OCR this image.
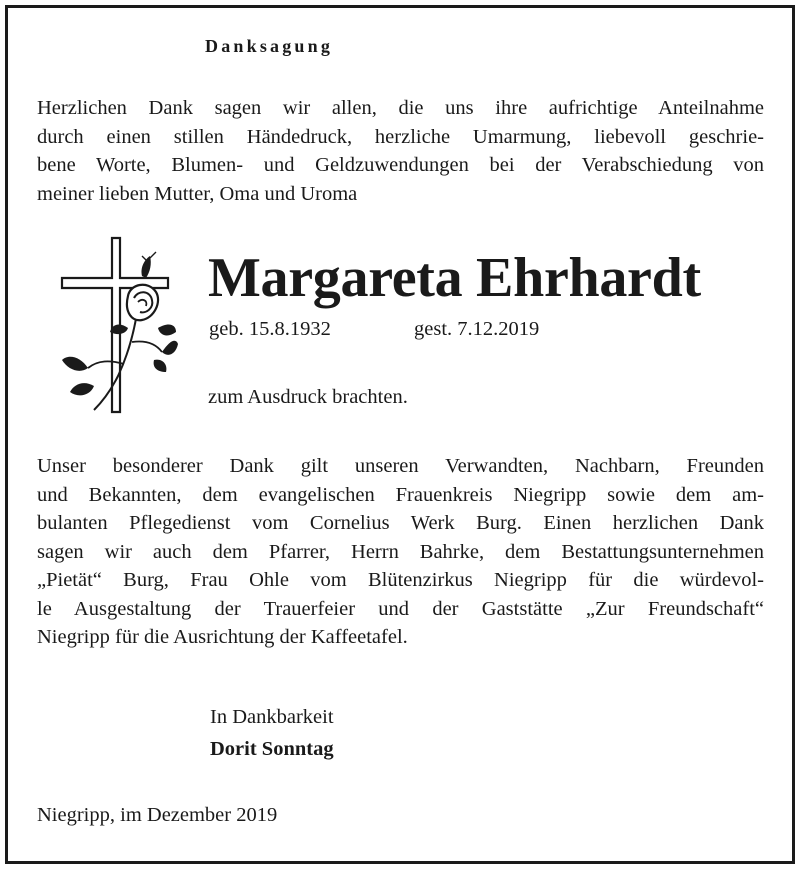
Danksagung
Herzlichen Dank sagen wir allen, die uns ihre aufrichtige Anteilnahme
durch einen stillen Händedruck, herzliche Umarmung, liebevoll geschrie-
bene Worte, Blumen- und Geldzuwendungen bei der Verabschiedung von
meiner lieben Mutter, Oma und Uroma
Margareta Ehrhardt
geb. 15.8.1932	gest. 7.12.2019
zum Ausdruck brachten.
Unser besonderer Dank gilt unseren Verwandten, Nachbarn, Freunden
und Bekannten, dem evangelischen Frauenkreis Niegripp sowie dem am-
bulanten Pflegedienst vom Cornelius Werk Burg. Einen herzlichen Dank
sagen wir auch dem Pfarrer, Herrn Bahrke, dem Bestattungsunternehmen
„Pietät“ Burg, Frau Ohle vom Blütenzirkus Niegripp für die würdevol-
le Ausgestaltung der Trauerfeier und der Gaststätte „Zur Freundschaft“
Niegripp für die Ausrichtung der Kaffeetafel.
In Dankbarkeit
Dorit Sonntag
Niegripp, im Dezember 2019
